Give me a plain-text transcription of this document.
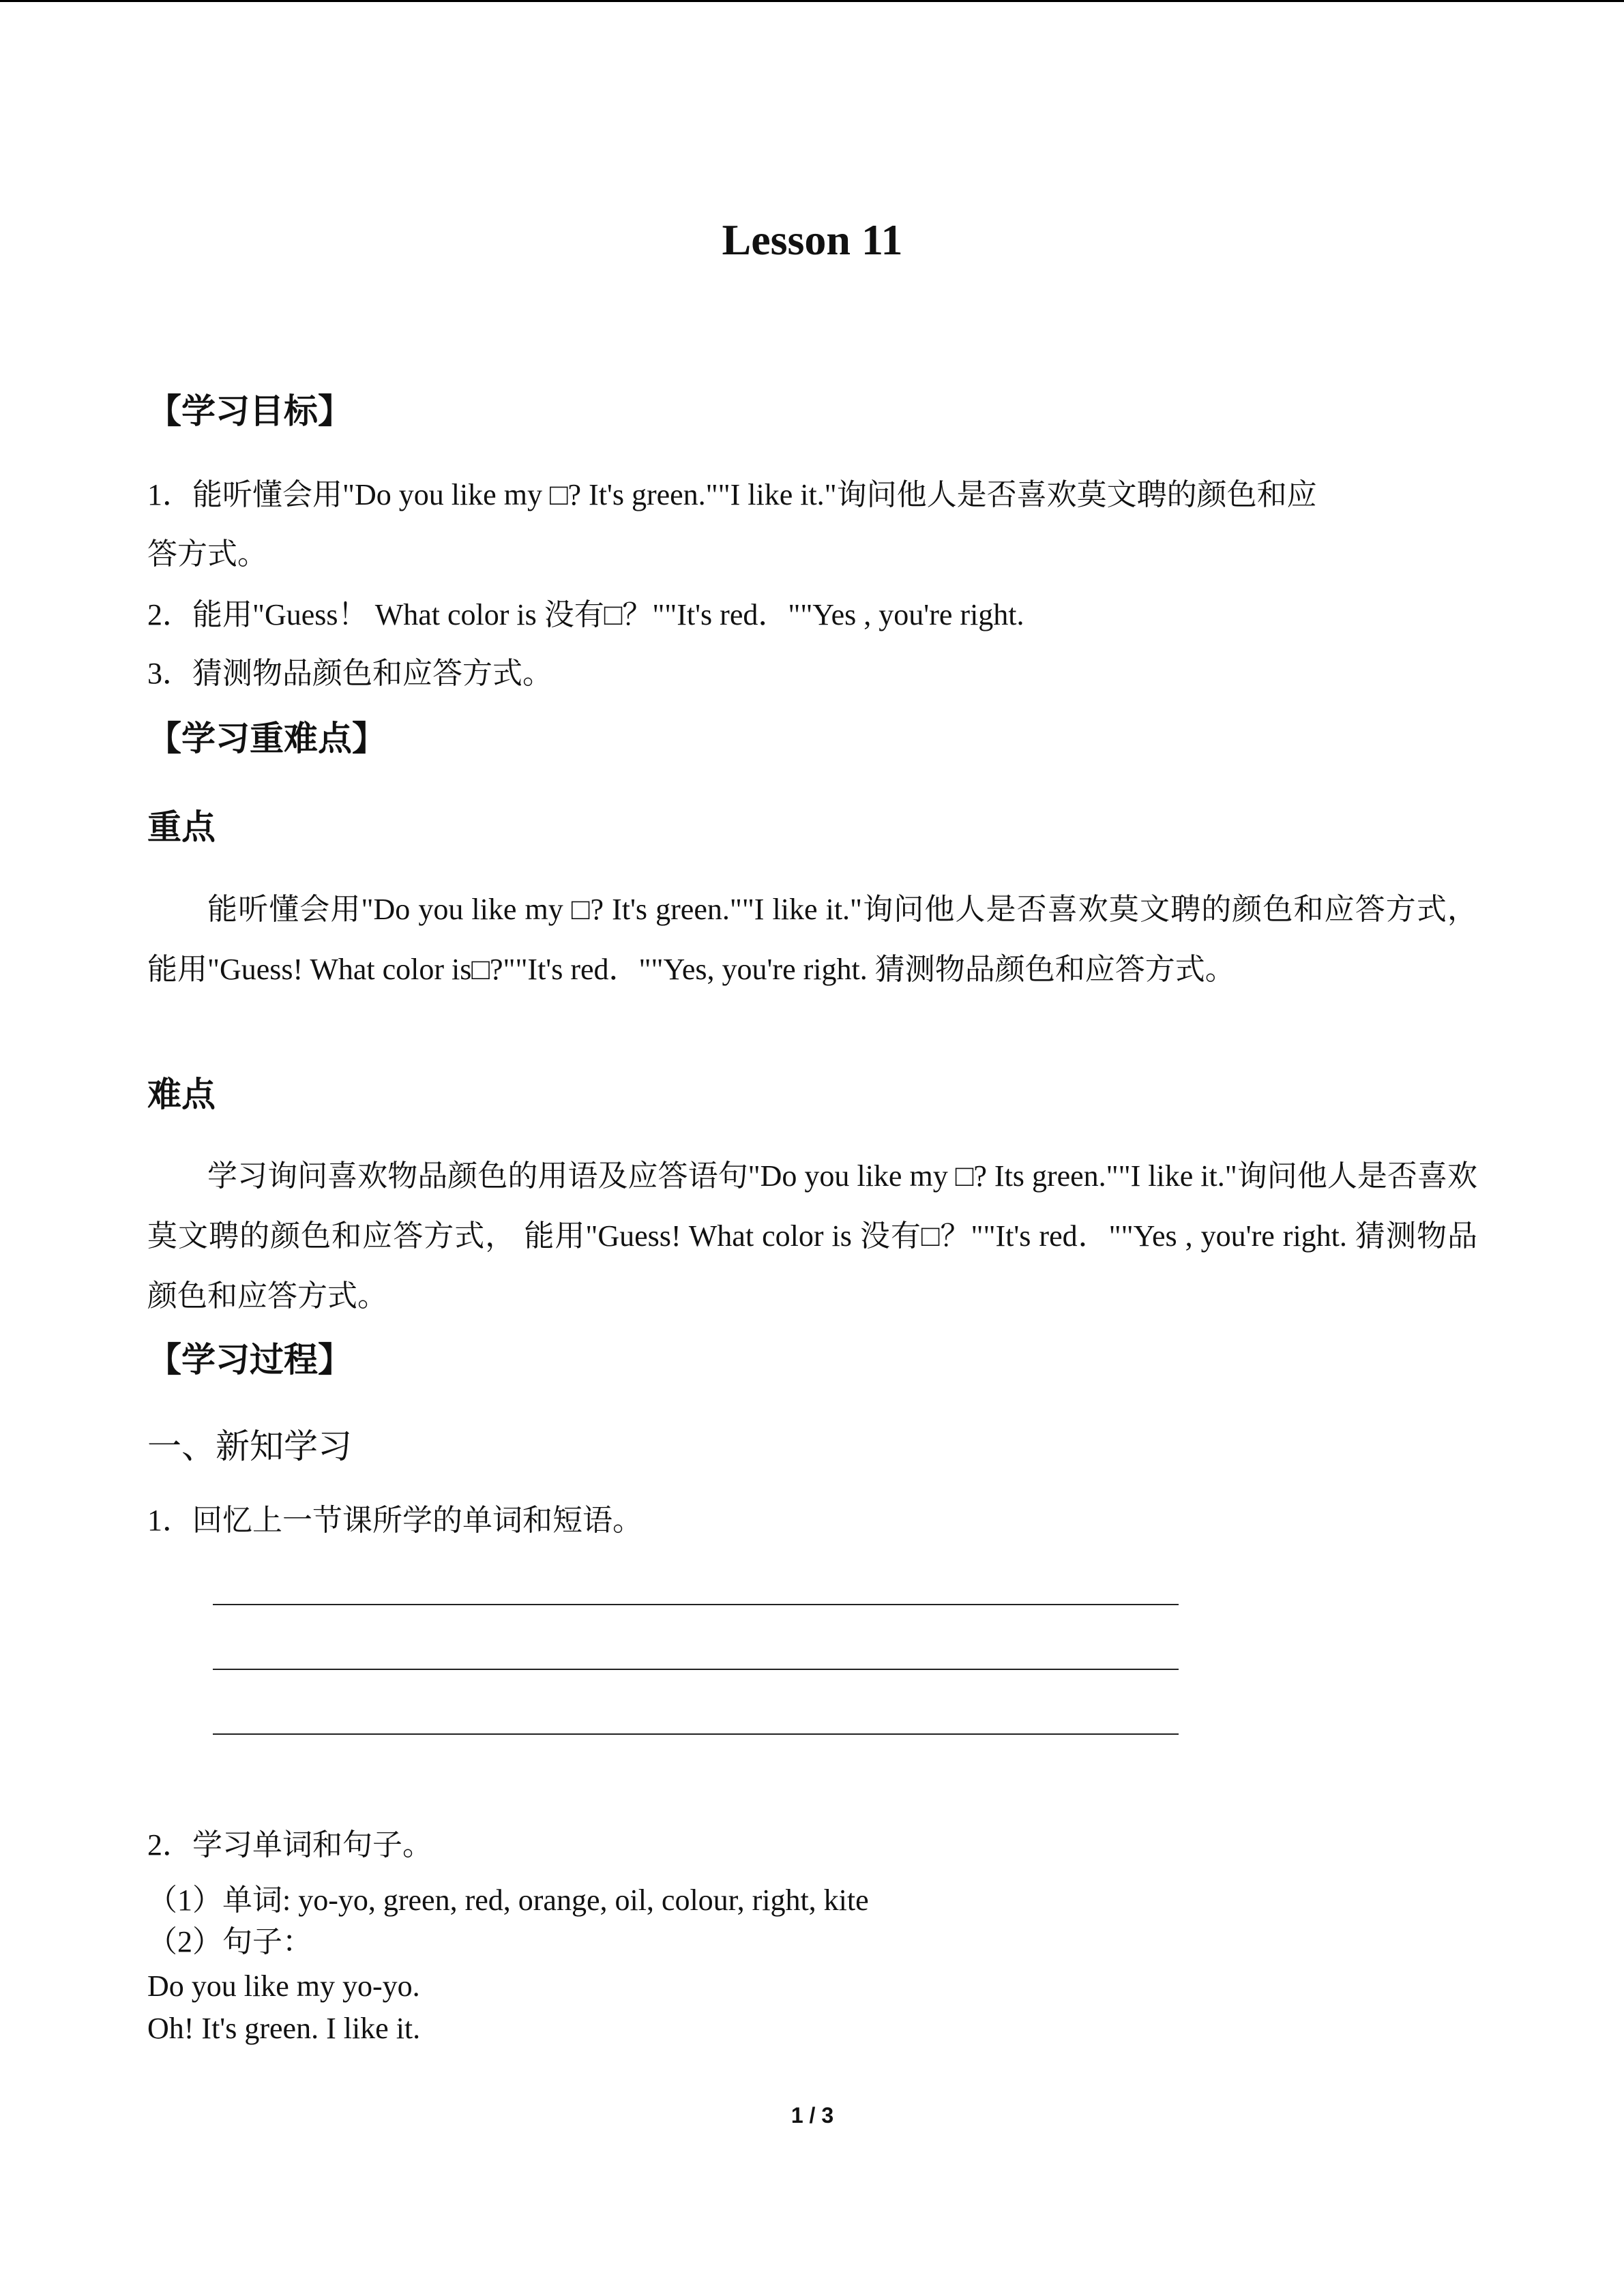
Lesson 11
【学习目标】
1．能听懂会用"Do you like my □? It's green.""I like it."询问他人是否喜欢莫文聘的颜色和应
答方式。
2．能用"Guess！ What color is 没有□？""It's red．""Yes , you're right.
3．猜测物品颜色和应答方式。
【学习重难点】
重点
能听懂会用"Do you like my □? It's green.""I like it."询问他人是否喜欢莫文聘的颜色和应答方式， 能用"Guess! What color is□?""It's red．""Yes, you're right. 猜测物品颜色和应答方式。
难点
学习询问喜欢物品颜色的用语及应答语句"Do you like my □? Its green.""I like it."询问他人是否喜欢莫文聘的颜色和应答方式， 能用"Guess! What color is 没有□？""It's red．""Yes , you're right. 猜测物品颜色和应答方式。
【学习过程】
一、新知学习
1．回忆上一节课所学的单词和短语。
2．学习单词和句子。
（1）单词: yo-yo, green, red, orange, oil, colour, right, kite
（2）句子：
Do you like my yo-yo.
Oh! It's green. I like it.
1 / 3
